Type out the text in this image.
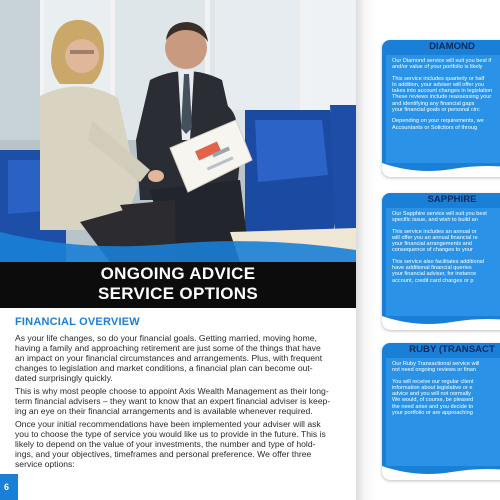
ONGOING ADVICE
SERVICE OPTIONS
FINANCIAL OVERVIEW
As your life changes, so do your financial goals. Getting married, moving home,
having a family and approaching retirement are just some of the things that have
an impact on your financial circumstances and arrangements. Plus, with frequent
changes to legislation and market conditions, a financial plan can become out-
dated surprisingly quickly.
This is why most people choose to appoint Axis Wealth Management as their long-
term financial advisers – they want to know that an expert financial adviser is keep-
ing an eye on their financial arrangements and is available whenever required.
Once your initial recommendations have been implemented your adviser will ask
you to choose the type of service you would like us to provide in the future. This is
likely to depend on the value of your investments, the number and type of hold-
ings, and your objectives, timeframes and personal preference. We offer three
service options:
6
DIAMOND
Our Diamond service will suit you best if
and/or value of your portfolio is likely
This service includes quarterly or half
In addition, your adviser will offer you
takes into account changes in legislation
These reviews include reassessing your
and identifying any financial gaps
your financial goals or personal circ
Depending on your requirements, we
Accountants or Solicitors of throug
SAPPHIRE
Our Sapphire service will suit you best
specific issue, and wish to build an
This service includes an annual or
will offer you an annual financial re
your financial arrangements and
consequence of changes to your
This service also facilitates additional
have additional financial queries
your financial adviser, for instance
account, credit card charges or p
RUBY (TRANSACT
Our Ruby Transactional service will
not need ongoing reviews or finan
You will receive our regular client
information about legislative or e
advice and you will not normally
We would, of course, be pleased
the need arise and you decide to
your portfolio or are approaching
